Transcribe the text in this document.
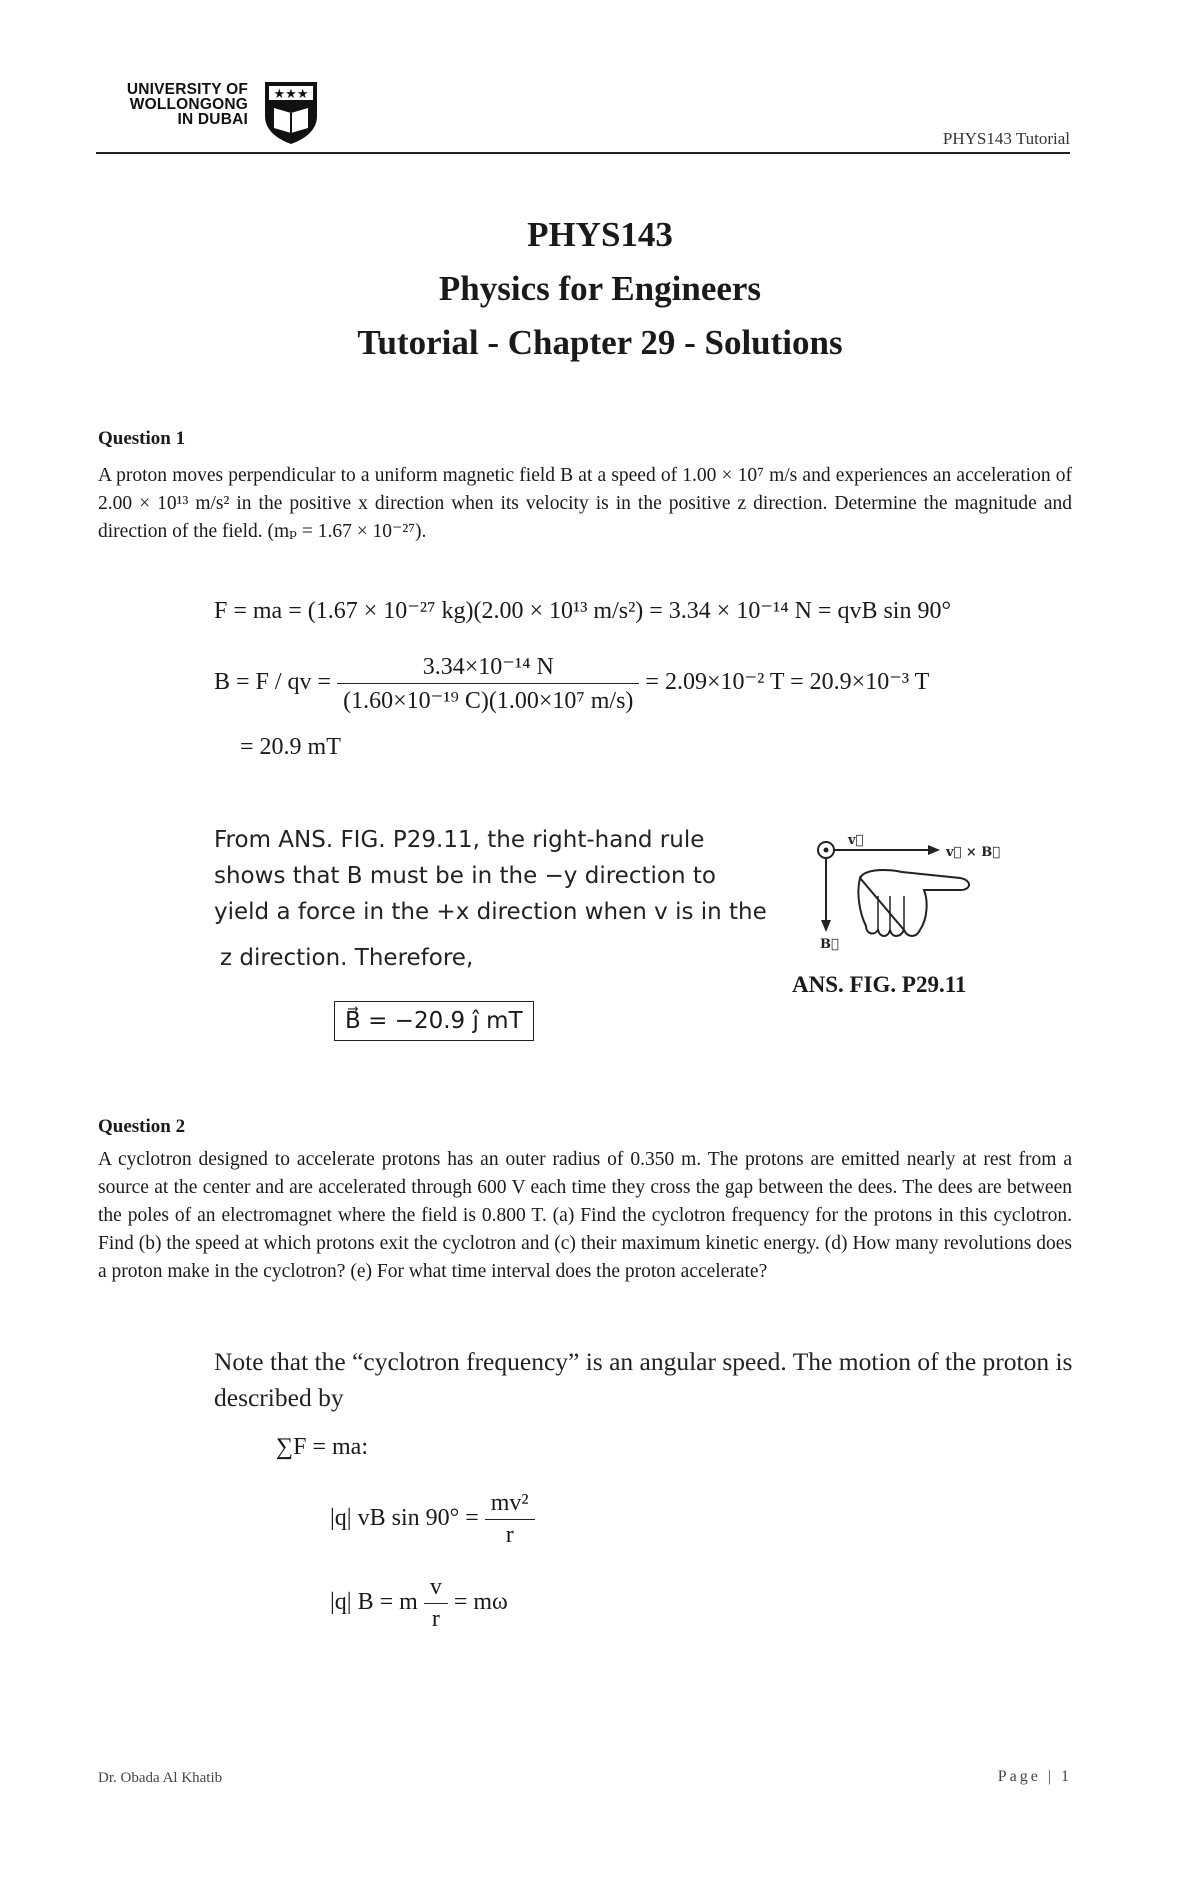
UNIVERSITY OF
WOLLONGONG
IN DUBAI
★★★
PHYS143 Tutorial
PHYS143
Physics for Engineers
Tutorial - Chapter 29 - Solutions
Question 1
A proton moves perpendicular to a uniform magnetic field B at a speed of 1.00 × 10⁷ m/s and experiences an acceleration of 2.00 × 10¹³ m/s² in the positive x direction when its velocity is in the positive z direction. Determine the magnitude and direction of the field. (mₚ = 1.67 × 10⁻²⁷).
F = ma = (1.67 × 10⁻²⁷ kg)(2.00 × 10¹³ m/s²) = 3.34 × 10⁻¹⁴ N = qvB sin 90°
B = F / qv = $\frac{\text{3.34×10⁻¹⁴ N}}{\text{(1.60×10⁻¹⁹ C)(1.00×10⁷ m/s)}} = 2.09\times 10^{-2}$ T = 20.9×10⁻³ T
= 20.9 mT
From ANS. FIG. P29.11, the right-hand rule
shows that B must be in the −y direction to
yield a force in the +x direction when v is in the
z direction. Therefore,
B⃗ = −20.9 ĵ mT
v⃗
v⃗ × B⃗
B⃗
ANS. FIG. P29.11
Question 2
A cyclotron designed to accelerate protons has an outer radius of 0.350 m. The protons are emitted nearly at rest from a source at the center and are accelerated through 600 V each time they cross the gap between the dees. The dees are between the poles of an electromagnet where the field is 0.800 T. (a) Find the cyclotron frequency for the protons in this cyclotron. Find (b) the speed at which protons exit the cyclotron and (c) their maximum kinetic energy. (d) How many revolutions does a proton make in the cyclotron? (e) For what time interval does the proton accelerate?
Note that the “cyclotron frequency” is an angular speed. The motion of the proton is described by
∑F = ma:
|q| vB $\sin 90^\circ = \frac{\text{mv²}}{r}$
|q| B = m $\frac{v}{r} = m\omega$
Dr. Obada Al Khatib	Page | 1
